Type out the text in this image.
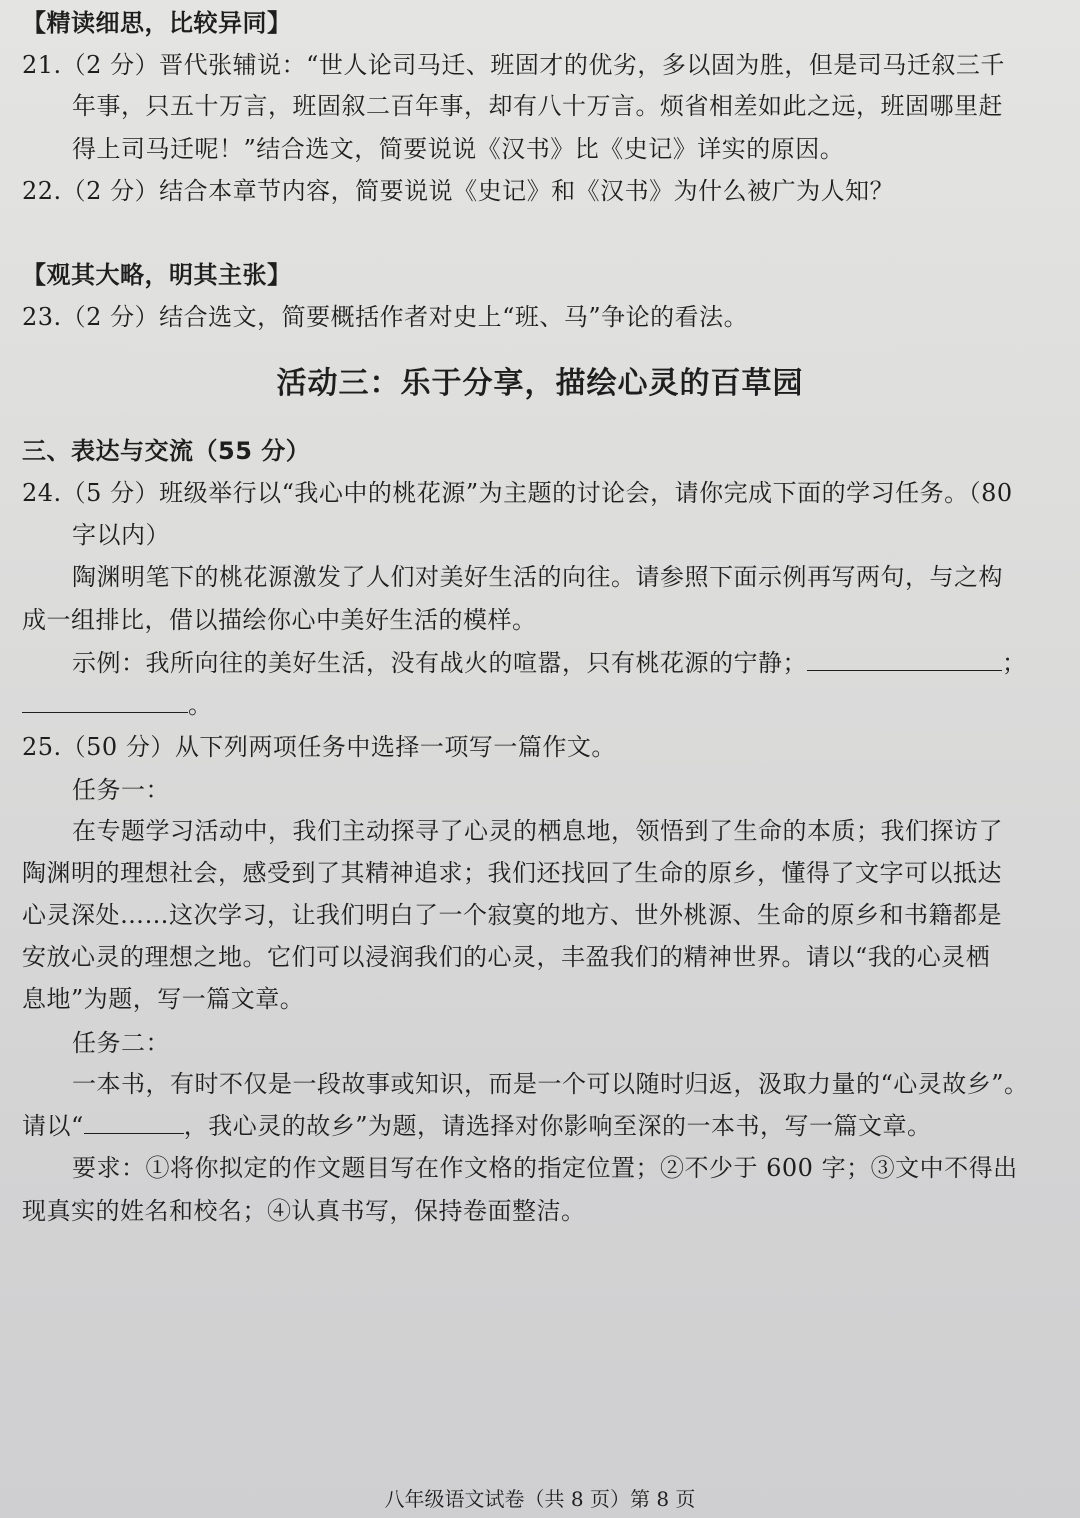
【精读细思，比较异同】
21.（2 分）晋代张辅说：“世人论司马迁、班固才的优劣，多以固为胜，但是司马迁叙三千
年事，只五十万言，班固叙二百年事，却有八十万言。烦省相差如此之远，班固哪里赶
得上司马迁呢！”结合选文，简要说说《汉书》比《史记》详实的原因。
22.（2 分）结合本章节内容，简要说说《史记》和《汉书》为什么被广为人知？
【观其大略，明其主张】
23.（2 分）结合选文，简要概括作者对史上“班、马”争论的看法。
活动三：乐于分享，描绘心灵的百草园
三、表达与交流（55 分）
24.（5 分）班级举行以“我心中的桃花源”为主题的讨论会，请你完成下面的学习任务。（80
字以内）
陶渊明笔下的桃花源激发了人们对美好生活的向往。请参照下面示例再写两句，与之构
成一组排比，借以描绘你心中美好生活的模样。
示例：我所向往的美好生活，没有战火的喧嚣，只有桃花源的宁静；	；
。
25.（50 分）从下列两项任务中选择一项写一篇作文。
任务一：
在专题学习活动中，我们主动探寻了心灵的栖息地，领悟到了生命的本质；我们探访了
陶渊明的理想社会，感受到了其精神追求；我们还找回了生命的原乡，懂得了文字可以抵达
心灵深处……这次学习，让我们明白了一个寂寞的地方、世外桃源、生命的原乡和书籍都是
安放心灵的理想之地。它们可以浸润我们的心灵，丰盈我们的精神世界。请以“我的心灵栖
息地”为题，写一篇文章。
任务二：
一本书，有时不仅是一段故事或知识，而是一个可以随时归返，汲取力量的“心灵故乡”。
请以“	，我心灵的故乡”为题，请选择对你影响至深的一本书，写一篇文章。
要求：①将你拟定的作文题目写在作文格的指定位置；②不少于 600 字；③文中不得出
现真实的姓名和校名；④认真书写，保持卷面整洁。
八年级语文试卷（共 8 页）第 8 页
